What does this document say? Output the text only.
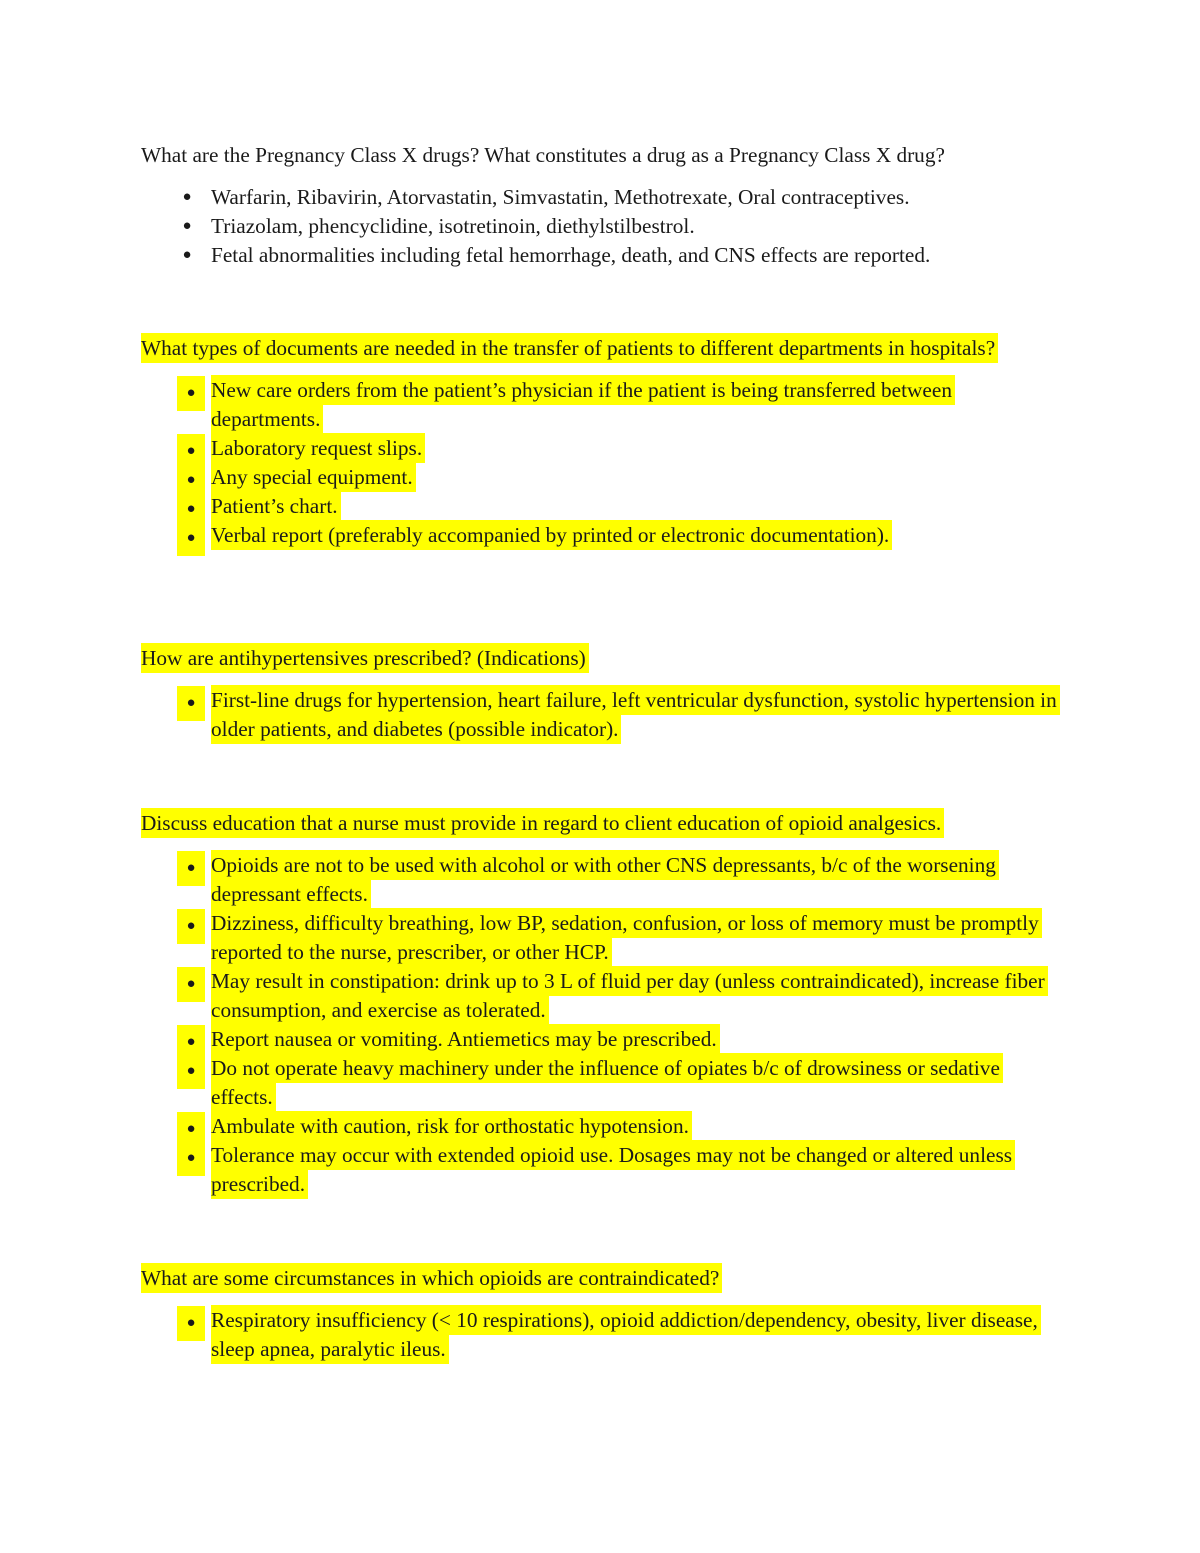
What are the Pregnancy Class X drugs? What constitutes a drug as a Pregnancy Class X drug?

● Warfarin, Ribavirin, Atorvastatin, Simvastatin, Methotrexate, Oral contraceptives.
● Triazolam, phencyclidine, isotretinoin, diethylstilbestrol.
● Fetal abnormalities including fetal hemorrhage, death, and CNS effects are reported.

What types of documents are needed in the transfer of patients to different departments in hospitals?

● New care orders from the patient’s physician if the patient is being transferred between departments.
● Laboratory request slips.
● Any special equipment.
● Patient’s chart.
● Verbal report (preferably accompanied by printed or electronic documentation).

How are antihypertensives prescribed? (Indications)

● First-line drugs for hypertension, heart failure, left ventricular dysfunction, systolic hypertension in older patients, and diabetes (possible indicator).

Discuss education that a nurse must provide in regard to client education of opioid analgesics.

● Opioids are not to be used with alcohol or with other CNS depressants, b/c of the worsening depressant effects.
● Dizziness, difficulty breathing, low BP, sedation, confusion, or loss of memory must be promptly reported to the nurse, prescriber, or other HCP.
● May result in constipation: drink up to 3 L of fluid per day (unless contraindicated), increase fiber consumption, and exercise as tolerated.
● Report nausea or vomiting. Antiemetics may be prescribed.
● Do not operate heavy machinery under the influence of opiates b/c of drowsiness or sedative effects.
● Ambulate with caution, risk for orthostatic hypotension.
● Tolerance may occur with extended opioid use. Dosages may not be changed or altered unless prescribed.

What are some circumstances in which opioids are contraindicated?

● Respiratory insufficiency (< 10 respirations), opioid addiction/dependency, obesity, liver disease, sleep apnea, paralytic ileus.
